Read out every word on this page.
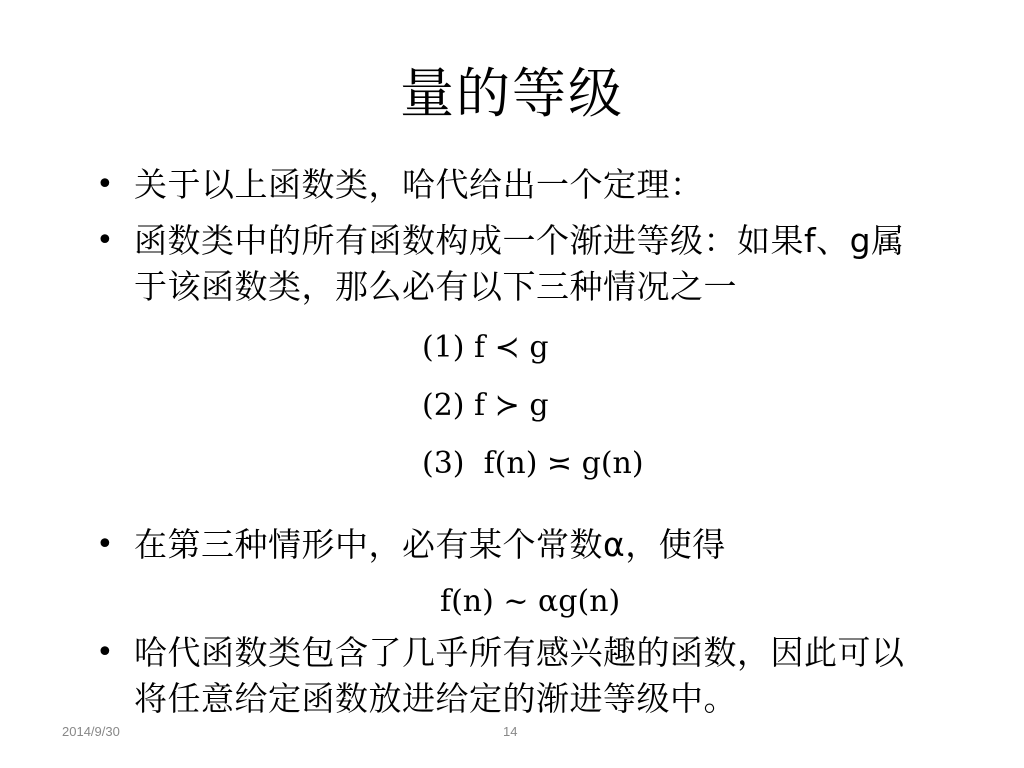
量的等级
• 关于以上函数类，哈代给出一个定理：
• 函数类中的所有函数构成一个渐进等级：如果f、g属于该函数类，那么必有以下三种情况之一
(1) f ≺ g
(2) f ≻ g
(3)  f(n) ≍ g(n)
• 在第三种情形中，必有某个常数α，使得
f(n) ~ αg(n)
• 哈代函数类包含了几乎所有感兴趣的函数，因此可以将任意给定函数放进给定的渐进等级中。
2014/9/30	14
